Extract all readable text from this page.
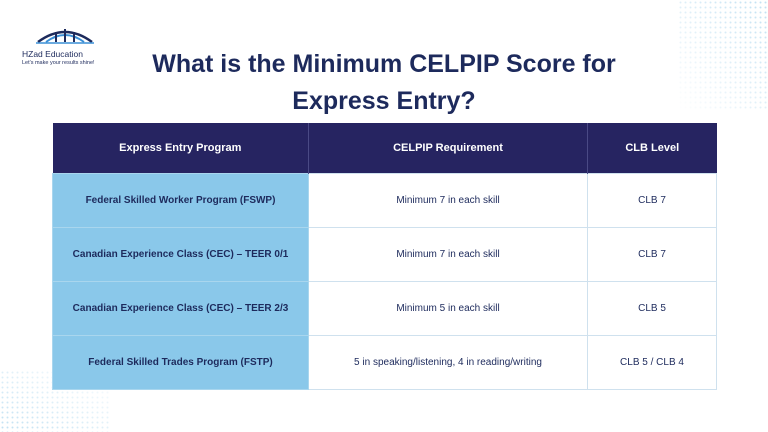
HZad Education
Let's make your results shine!	What is the Minimum CELPIP Score for Express Entry?
Express Entry Program	CELPIP Requirement	CLB Level
Federal Skilled Worker Program (FSWP)	Minimum 7 in each skill	CLB 7
Canadian Experience Class (CEC) – TEER 0/1	Minimum 7 in each skill	CLB 7
Canadian Experience Class (CEC) – TEER 2/3	Minimum 5 in each skill	CLB 5
Federal Skilled Trades Program (FSTP)	5 in speaking/listening, 4 in reading/writing	CLB 5 / CLB 4
